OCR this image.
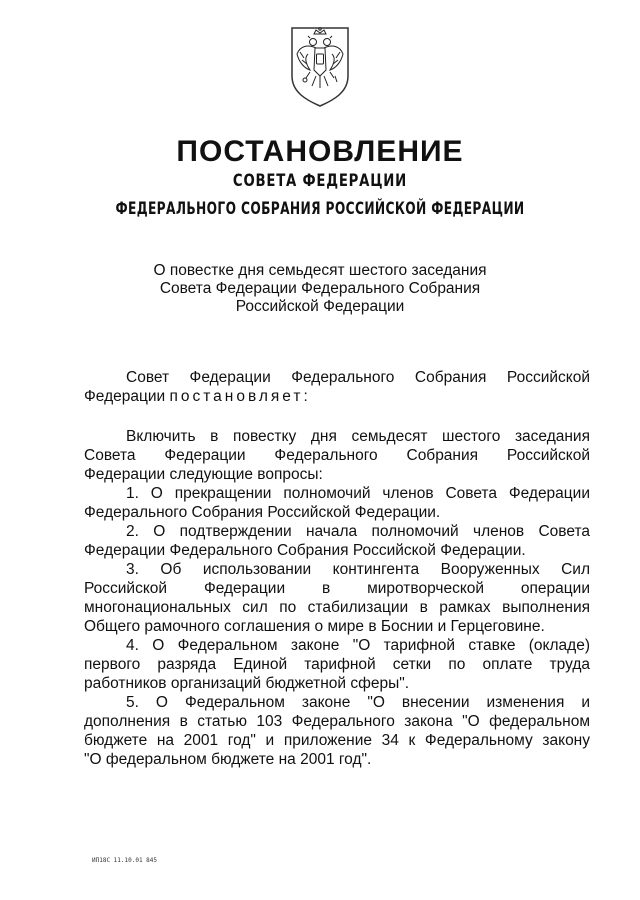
ПОСТАНОВЛЕНИЕ
СОВЕТА ФЕДЕРАЦИИ
ФЕДЕРАЛЬНОГО СОБРАНИЯ РОССИЙСКОЙ ФЕДЕРАЦИИ
О повестке дня семьдесят шестого заседания
Совета Федерации Федерального Собрания
Российской Федерации
Совет Федерации Федерального Собрания Российской
Федерации постановляет:
Включить в повестку дня семьдесят шестого заседания
Совета Федерации Федерального Собрания Российской
Федерации следующие вопросы:
1. О прекращении полномочий членов Совета Федерации
Федерального Собрания Российской Федерации.
2. О подтверждении начала полномочий членов Совета
Федерации Федерального Собрания Российской Федерации.
3. Об использовании контингента Вооруженных Сил
Российской Федерации в миротворческой операции
многонациональных сил по стабилизации в рамках выполнения
Общего рамочного соглашения о мире в Боснии и Герцеговине.
4. О Федеральном законе "О тарифной ставке (окладе)
первого разряда Единой тарифной сетки по оплате труда
работников организаций бюджетной сферы".
5. О Федеральном законе "О внесении изменения и
дополнения в статью 103 Федерального закона "О федеральном
бюджете на 2001 год" и приложение 34 к Федеральному закону
"О федеральном бюджете на 2001 год".
ИП18С 11.10.01 845
